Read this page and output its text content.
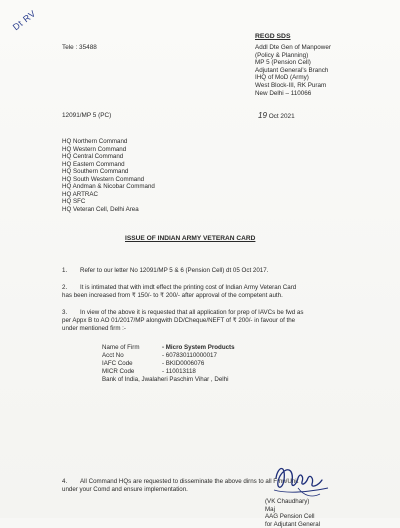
Dt RV
REGD SDS
Addl Dte Gen of Manpower
(Policy & Planning)
MP 5 (Pension Cell)
Adjutant General’s Branch
IHQ of MoD (Army)
West Block-III, RK Puram
New Delhi – 110066
Tele : 35488
12091/MP 5 (PC)	19 Oct 2021
HQ Northern Command
HQ Western Command
HQ Central Command
HQ Eastern Command
HQ Southern Command
HQ South Western Command
HQ Andman & Nicobar Command
HQ ARTRAC
HQ SFC
HQ Veteran Cell, Delhi Area
ISSUE OF INDIAN ARMY VETERAN CARD
1. Refer to our letter No 12091/MP 5 & 6 (Pension Cell) dt 05 Oct 2017.
2. It is intimated that with imdt effect the printing cost of Indian Army Veteran Card
has been increased from ₹ 150/- to ₹ 200/- after approval of the competent auth.
3. In view of the above it is requested that all application for prep of IAVCs be fwd as
per Appx B to AO 01/2017/MP alongwith DD/Cheque/NEFT of ₹ 200/- in favour of the
under mentioned firm :-
Name of Firm	- Micro System Products
Acct No	- 607830110000017
IAFC Code	- BKID0006076
MICR Code	- 110013118
Bank of India, Jwalaheri Paschim Vihar , Delhi
4. All Command HQs are requested to disseminate the above dirns to all Fmn/Unit
under your Comd and ensure implementation.
(VK Chaudhary)
Maj
AAG Pension Cell
for Adjutant General
